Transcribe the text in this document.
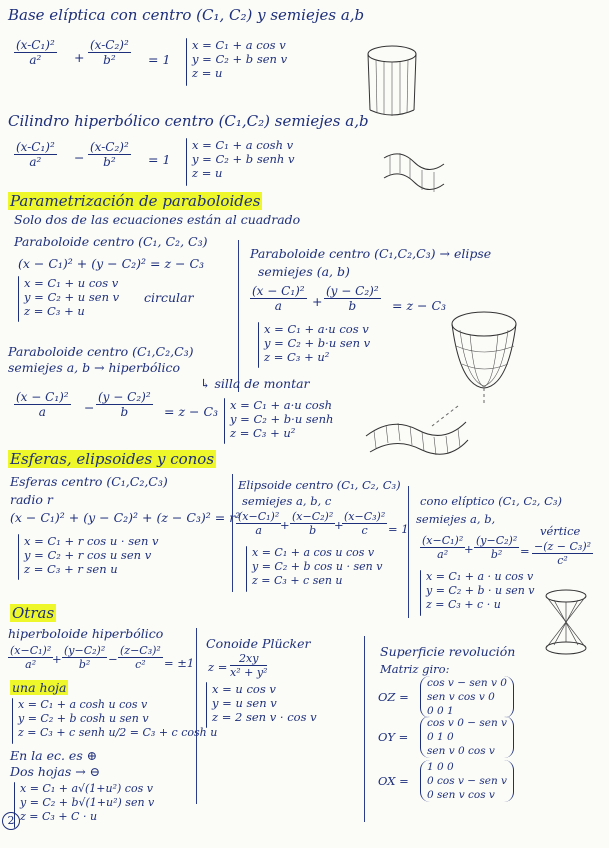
Base elíptica con centro (C₁, C₂) y semiejes a,b
$\frac{\text{(x-C₁)²}}{\text{a²}} + \frac{\text{(x-C₂)²}}{\text{b²}} = 1$
x = C₁ + a cos v
y = C₂ + b sen v
z = u
Cilindro hiperbólico centro (C₁,C₂) semiejes a,b
$\frac{\text{(x-C₁)²}}{\text{a²}} - \frac{\text{(x-C₂)²}}{\text{b²}} = 1$
x = C₁ + a cosh v
y = C₂ + b senh v
z = u
Parametrización de paraboloides
Solo dos de las ecuaciones están al cuadrado
Paraboloide centro (C₁, C₂, C₃)
(x − C₁)² + (y − C₂)² = z − C₃
x = C₁ + u cos v
y = C₂ + u sen v
z = C₃ + u
circular
Paraboloide centro (C₁,C₂,C₃) → elipse
semiejes (a, b)
$\frac{\text{(x − C₁)²}}{a} + \frac{\text{(y − C₂)²}}{b} = z - C_3$
x = C₁ + a·u cos v
y = C₂ + b·u sen v
z = C₃ + u²
Paraboloide centro (C₁,C₂,C₃)
semiejes a, b → hiperbólico
↳ silla de montar
$\frac{\text{(x − C₁)²}}{a} - \frac{\text{(y − C₂)²}}{b} = z - C_3$ x = C₁ + a·u cosh
y = C₂ + b·u senh
z = C₃ + u²
Esferas, elipsoides y conos
Esferas centro (C₁,C₂,C₃)
radio r
(x − C₁)² + (y − C₂)² + (z − C₃)² = r²
x = C₁ + r cos u · sen v
y = C₂ + r cos u sen v
z = C₃ + r sen u
Elipsoide centro (C₁, C₂, C₃)
semiejes a, b, c
$\frac{\text{(x−C₁)²}}{a}$
+ $\frac{\text{(x−C₂)²}}{b}$
+
$\frac{\text{(x−C₃)²}}{c} = 1$
x = C₁ + a cos u cos v
y = C₂ + b cos u · sen v
z = C₃ + c sen u
cono elíptico (C₁, C₂, C₃)
semiejes a, b,
vértice
$\frac{\text{(x−C₁)²}}{\text{a²}}$
+ $\frac{\text{(y−C₂)²}}{\text{b²}} = \frac{\text{−(z − C₃)²}}{\text{c²}}$
x = C₁ + a · u cos v
y = C₂ + b · u sen v
z = C₃ + c · u
Otras
hiperboloide hiperbólico
$\frac{\text{(x−C₁)²}}{\text{a²}}$
+ $\frac{\text{(y−C₂)²}}{\text{b²}} - \frac{\text{(z−C₃)²}}{\text{c²}} = \pm 1$
una hoja
x = C₁ + a cosh u cos v
y = C₂ + b cosh u sen v
z = C₃ + c senh u/2 = C₃ + c cosh u
En la ec. es ⊕
Dos hojas → ⊖
x = C₁ + a√(1+u²) cos v
y = C₂ + b√(1+u²) sen v
z = C₃ + C · u
2
Conoide Plücker
$z = \frac{2xy}{\text{x² + y²}}$
x = u cos v
y = u sen v
z = 2 sen v · cos v
Superficie revolución
Matriz giro:
OZ =
cos v − sen v 0
sen v cos v 0
0 0 1
OY =
cos v 0 − sen v
0 1 0
sen v 0 cos v
OX =
1 0 0
0 cos v − sen v
0 sen v cos v
